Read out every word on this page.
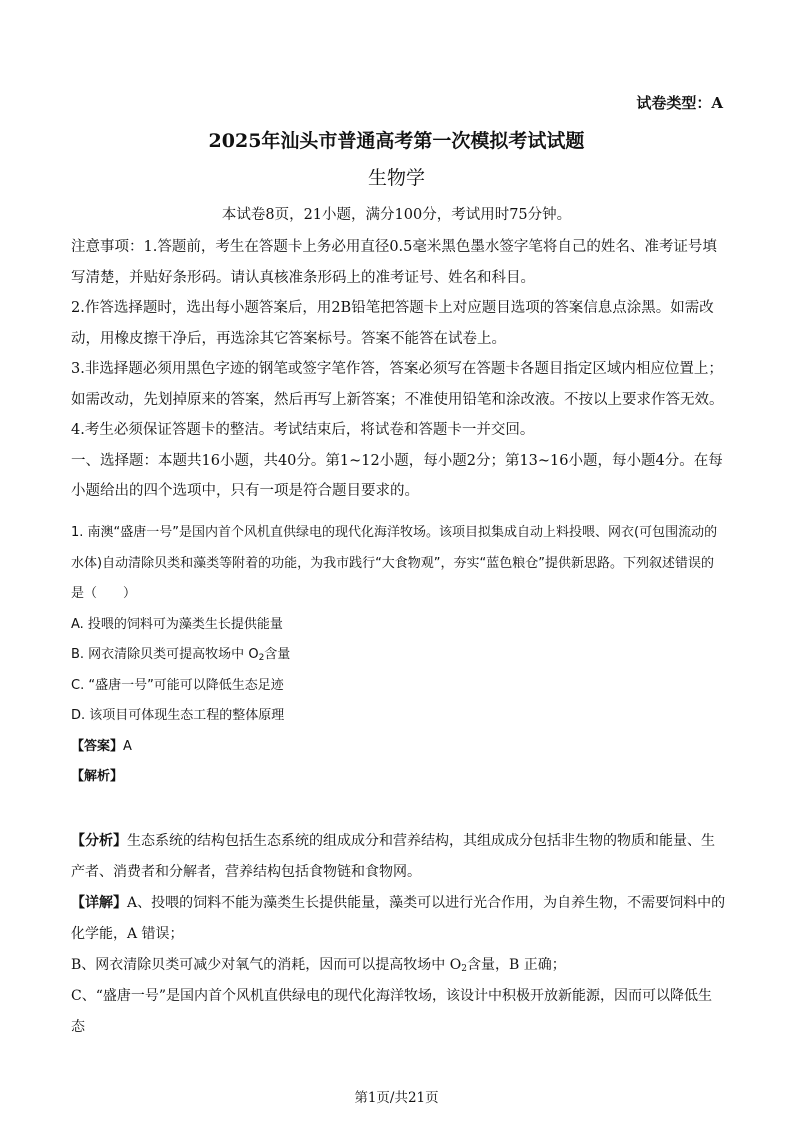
试卷类型：A
2025年汕头市普通高考第一次模拟考试试题
生物学
本试卷8页，21小题，满分100分，考试用时75分钟。

注意事项：1.答题前，考生在答题卡上务必用直径0.5毫米黑色墨水签字笔将自己的姓名、准考证号填写清楚，并贴好条形码。请认真核准条形码上的准考证号、姓名和科目。

2.作答选择题时，选出每小题答案后，用2B铅笔把答题卡上对应题目选项的答案信息点涂黑。如需改动，用橡皮擦干净后，再选涂其它答案标号。答案不能答在试卷上。

3.非选择题必须用黑色字迹的钢笔或签字笔作答，答案必须写在答题卡各题目指定区域内相应位置上；如需改动，先划掉原来的答案，然后再写上新答案；不准使用铅笔和涂改液。不按以上要求作答无效。

4.考生必须保证答题卡的整洁。考试结束后，将试卷和答题卡一并交回。

一、选择题：本题共16小题，共40分。第1~12小题，每小题2分；第13~16小题，每小题4分。在每小题给出的四个选项中，只有一项是符合题目要求的。

1. 南澳“盛唐一号”是国内首个风机直供绿电的现代化海洋牧场。该项目拟集成自动上料投喂、网衣(可包围流动的水体)自动清除贝类和藻类等附着的功能，为我市践行“大食物观”，夯实“蓝色粮仓”提供新思路。下列叙述错误的是（　　）

A. 投喂的饲料可为藻类生长提供能量

B. 网衣清除贝类可提高牧场中 $O_2$含量

C. “盛唐一号”可能可以降低生态足迹

D. 该项目可体现生态工程的整体原理

【答案】A

【解析】

【分析】生态系统的结构包括生态系统的组成成分和营养结构，其组成成分包括非生物的物质和能量、生产者、消费者和分解者，营养结构包括食物链和食物网。

【详解】A、投喂的饲料不能为藻类生长提供能量，藻类可以进行光合作用，为自养生物，不需要饲料中的化学能，A 错误；

B、网衣清除贝类可减少对氧气的消耗，因而可以提高牧场中 $O_2$含量，B 正确；

C、“盛唐一号”是国内首个风机直供绿电的现代化海洋牧场，该设计中积极开放新能源，因而可以降低生态

第1页/共21页
